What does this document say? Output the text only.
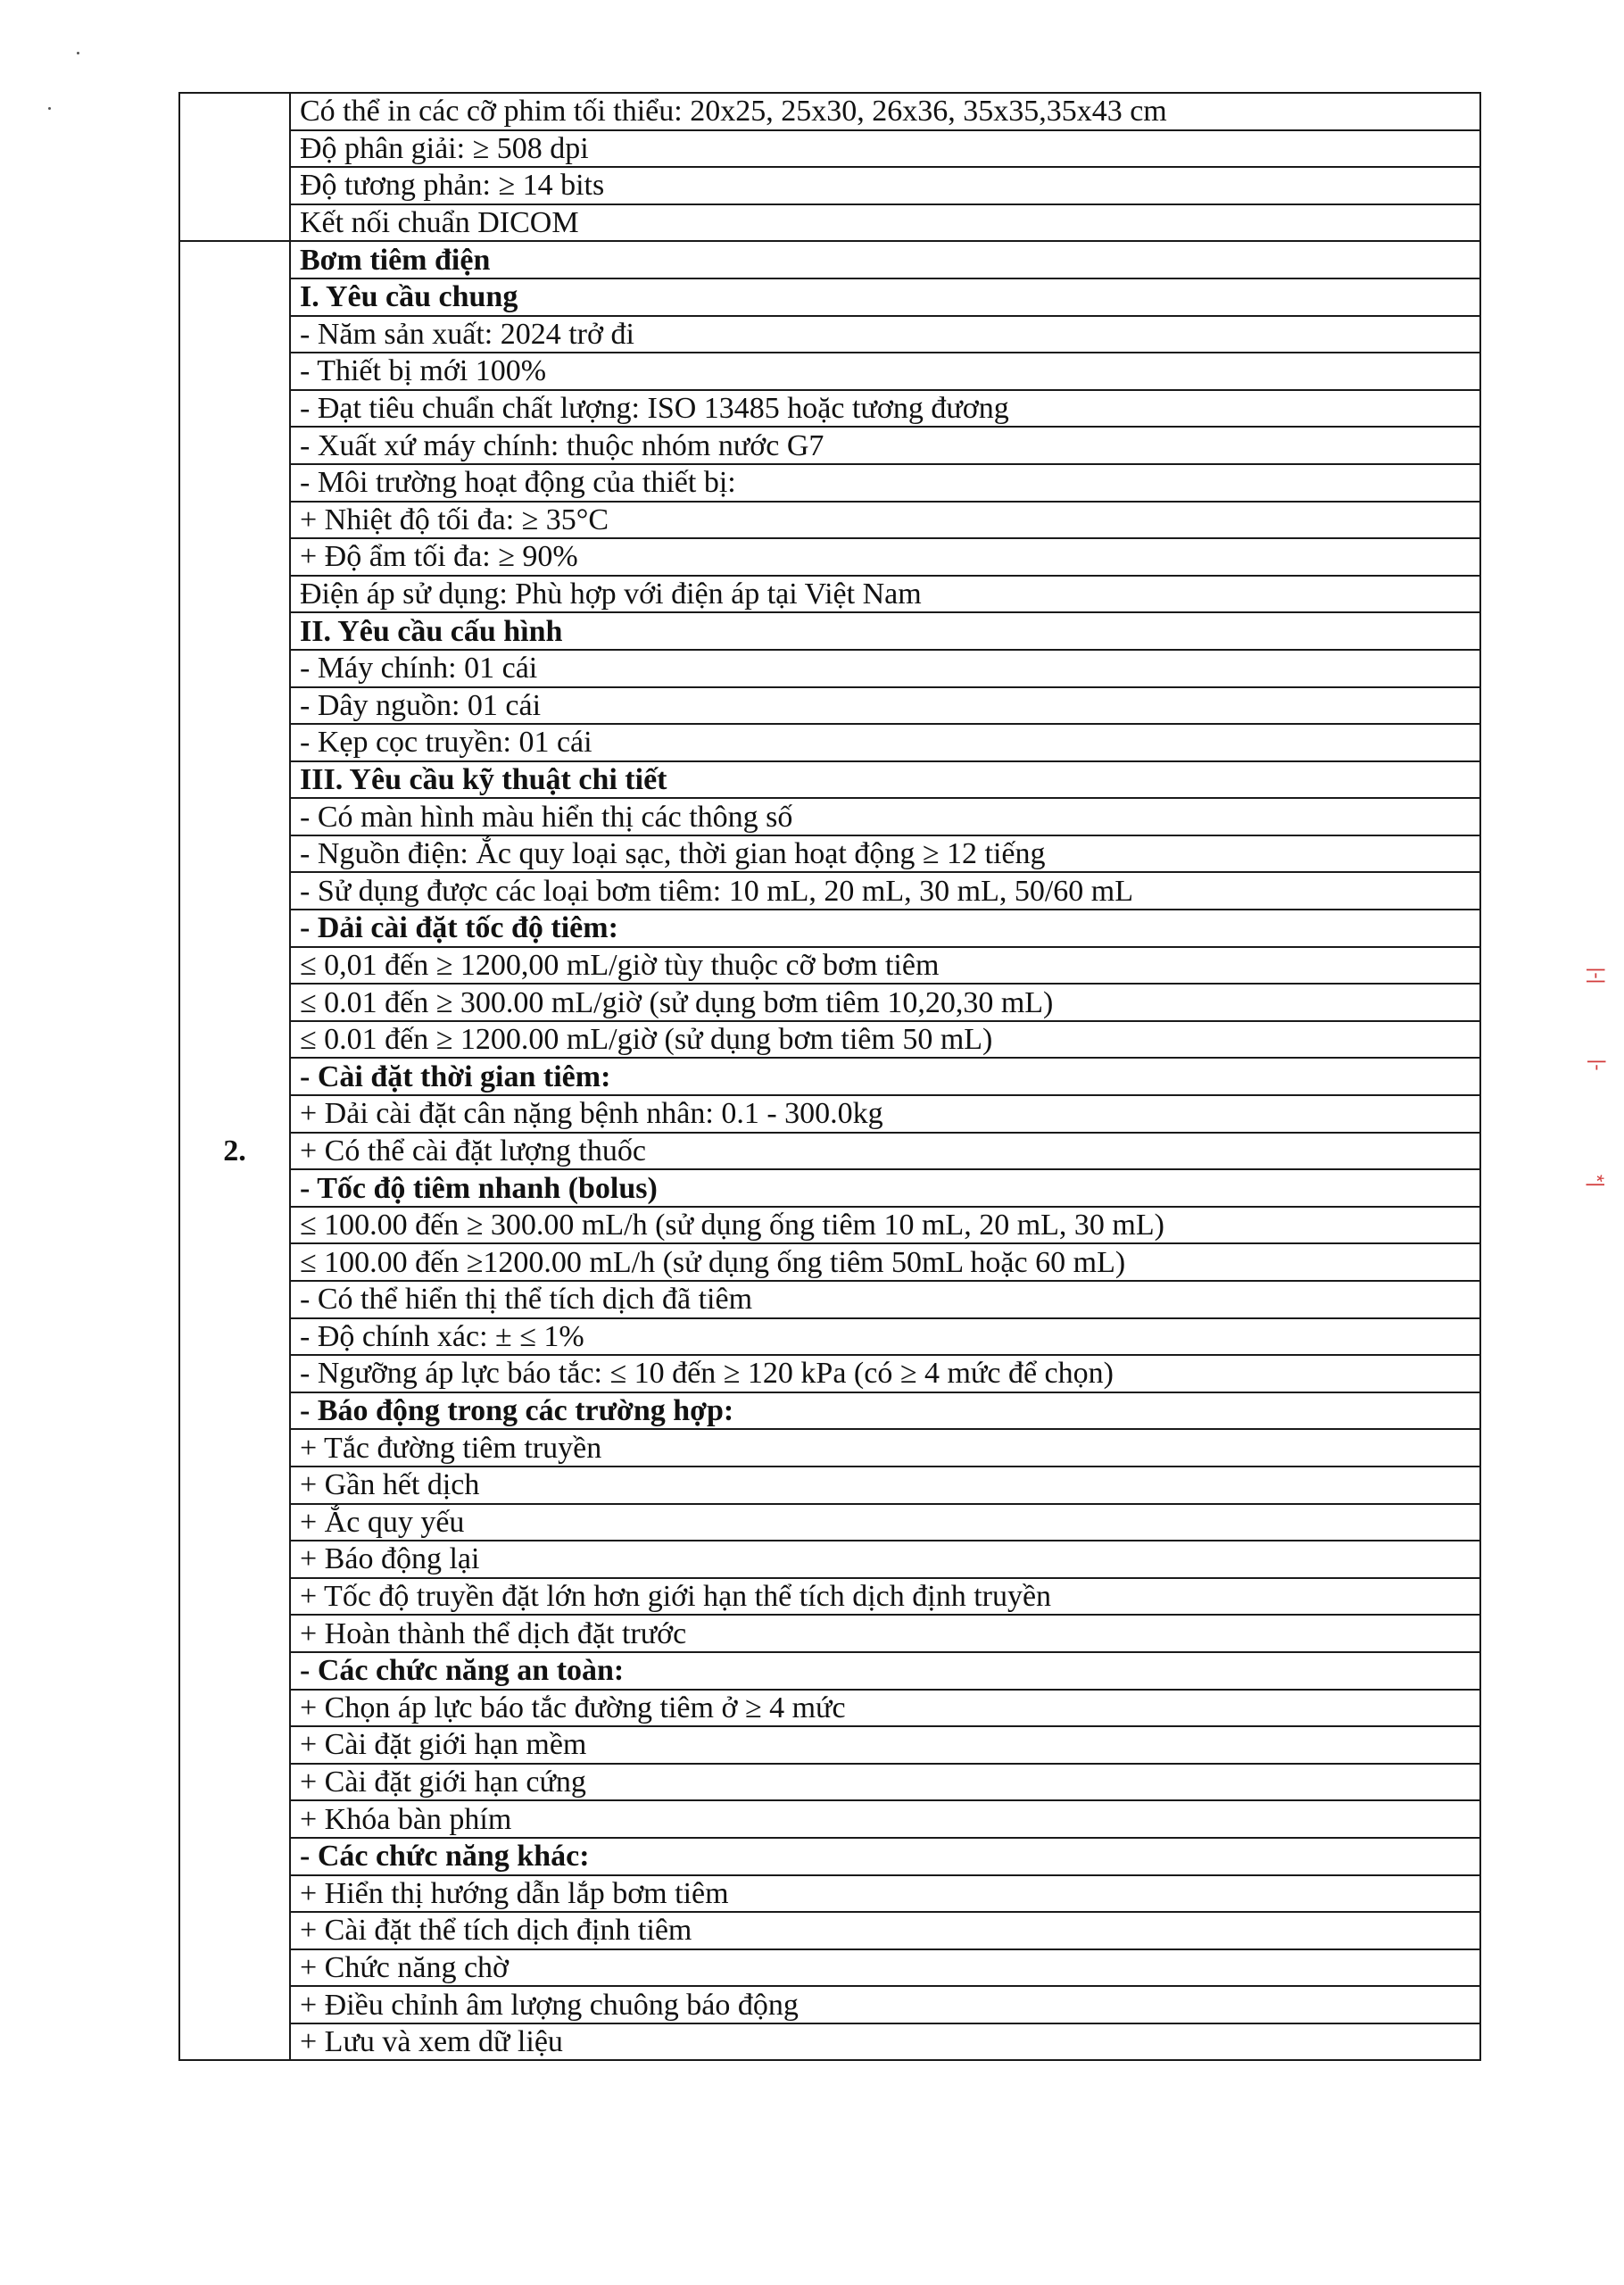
	Có thể in các cỡ phim tối thiểu: 20x25, 25x30, 26x36, 35x35,35x43 cm
	Độ phân giải: ≥ 508 dpi
	Độ tương phản: ≥ 14 bits
	Kết nối chuẩn DICOM
2.	Bơm tiêm điện
	I. Yêu cầu chung
	- Năm sản xuất: 2024 trở đi
	- Thiết bị mới 100%
	- Đạt tiêu chuẩn chất lượng: ISO 13485 hoặc tương đương
	- Xuất xứ máy chính: thuộc nhóm nước G7
	- Môi trường hoạt động của thiết bị:
	+ Nhiệt độ tối đa: ≥ 35°C
	+ Độ ẩm tối đa: ≥ 90%
	Điện áp sử dụng: Phù hợp với điện áp tại Việt Nam
	II. Yêu cầu cấu hình
	- Máy chính: 01 cái
	- Dây nguồn: 01 cái
	- Kẹp cọc truyền: 01 cái
	III. Yêu cầu kỹ thuật chi tiết
	- Có màn hình màu hiển thị các thông số
	- Nguồn điện: Ắc quy loại sạc, thời gian hoạt động ≥ 12 tiếng
	- Sử dụng được các loại bơm tiêm: 10 mL, 20 mL, 30 mL, 50/60 mL
	- Dải cài đặt tốc độ tiêm:
	≤ 0,01 đến ≥ 1200,00 mL/giờ tùy thuộc cỡ bơm tiêm
	≤ 0.01 đến ≥ 300.00 mL/giờ (sử dụng bơm tiêm 10,20,30 mL)
	≤ 0.01 đến ≥ 1200.00 mL/giờ (sử dụng bơm tiêm 50 mL)
	- Cài đặt thời gian tiêm:
	+ Dải cài đặt cân nặng bệnh nhân: 0.1 - 300.0kg
	+ Có thể cài đặt lượng thuốc
	- Tốc độ tiêm nhanh (bolus)
	≤ 100.00 đến ≥ 300.00 mL/h (sử dụng ống tiêm 10 mL, 20 mL, 30 mL)
	≤ 100.00 đến ≥1200.00 mL/h (sử dụng ống tiêm 50mL hoặc 60 mL)
	- Có thể hiển thị thể tích dịch đã tiêm
	- Độ chính xác: ± ≤ 1%
	- Ngưỡng áp lực báo tắc: ≤ 10 đến ≥ 120 kPa (có ≥ 4 mức để chọn)
	- Báo động trong các trường hợp:
	+ Tắc đường tiêm truyền
	+ Gần hết dịch
	+ Ắc quy yếu
	+ Báo động lại
	+ Tốc độ truyền đặt lớn hơn giới hạn thể tích dịch định truyền
	+ Hoàn thành thể dịch đặt trước
	- Các chức năng an toàn:
	+ Chọn áp lực báo tắc đường tiêm ở ≥ 4 mức
	+ Cài đặt giới hạn mềm
	+ Cài đặt giới hạn cứng
	+ Khóa bàn phím
	- Các chức năng khác:
	+ Hiển thị hướng dẫn lắp bơm tiêm
	+ Cài đặt thể tích dịch định tiêm
	+ Chức năng chờ
	+ Điều chỉnh âm lượng chuông báo động
	+ Lưu và xem dữ liệu
|-|
|-
*|
